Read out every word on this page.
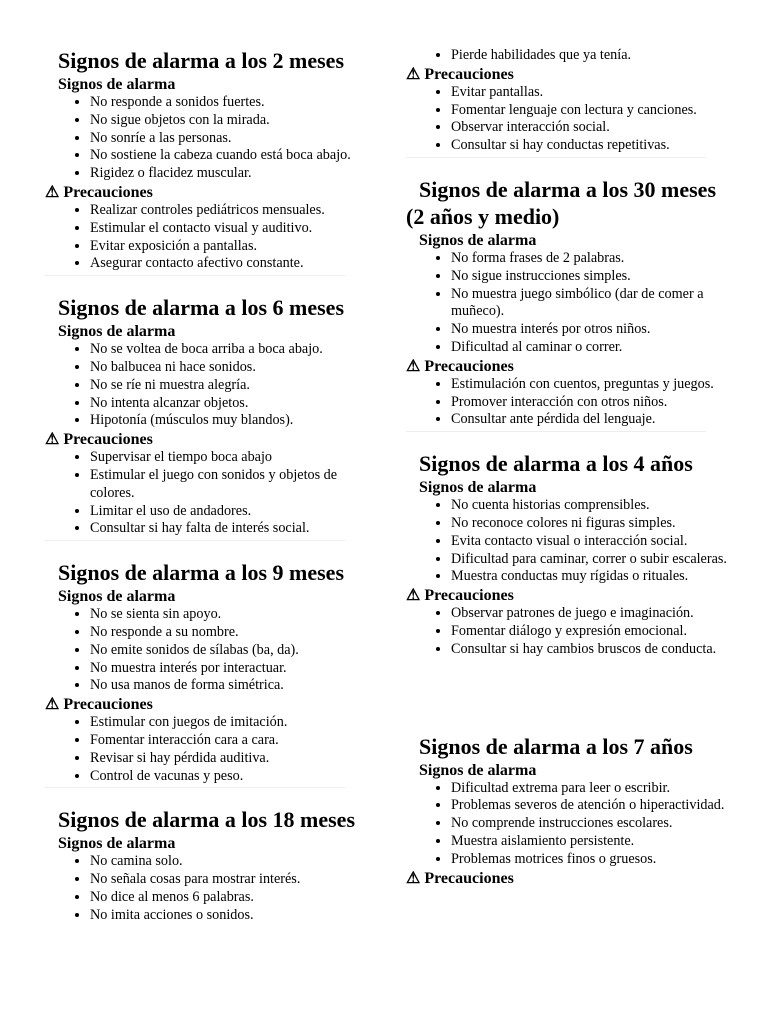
Signos de alarma a los 2 meses
Signos de alarma
• No responde a sonidos fuertes.
• No sigue objetos con la mirada.
• No sonríe a las personas.
• No sostiene la cabeza cuando está boca abajo.
• Rigidez o flacidez muscular.
⚠ Precauciones
• Realizar controles pediátricos mensuales.
• Estimular el contacto visual y auditivo.
• Evitar exposición a pantallas.
• Asegurar contacto afectivo constante.
Signos de alarma a los 6 meses
Signos de alarma
• No se voltea de boca arriba a boca abajo.
• No balbucea ni hace sonidos.
• No se ríe ni muestra alegría.
• No intenta alcanzar objetos.
• Hipotonía (músculos muy blandos).
⚠ Precauciones
• Supervisar el tiempo boca abajo
• Estimular el juego con sonidos y objetos de colores.
• Limitar el uso de andadores.
• Consultar si hay falta de interés social.
Signos de alarma a los 9 meses
Signos de alarma
• No se sienta sin apoyo.
• No responde a su nombre.
• No emite sonidos de sílabas (ba, da).
• No muestra interés por interactuar.
• No usa manos de forma simétrica.
⚠ Precauciones
• Estimular con juegos de imitación.
• Fomentar interacción cara a cara.
• Revisar si hay pérdida auditiva.
• Control de vacunas y peso.
Signos de alarma a los 18 meses
Signos de alarma
• No camina solo.
• No señala cosas para mostrar interés.
• No dice al menos 6 palabras.
• No imita acciones o sonidos.
• Pierde habilidades que ya tenía.
⚠ Precauciones
• Evitar pantallas.
• Fomentar lenguaje con lectura y canciones.
• Observar interacción social.
• Consultar si hay conductas repetitivas.
Signos de alarma a los 30 meses (2 años y medio)
Signos de alarma
• No forma frases de 2 palabras.
• No sigue instrucciones simples.
• No muestra juego simbólico (dar de comer a muñeco).
• No muestra interés por otros niños.
• Dificultad al caminar o correr.
⚠ Precauciones
• Estimulación con cuentos, preguntas y juegos.
• Promover interacción con otros niños.
• Consultar ante pérdida del lenguaje.
Signos de alarma a los 4 años
Signos de alarma
• No cuenta historias comprensibles.
• No reconoce colores ni figuras simples.
• Evita contacto visual o interacción social.
• Dificultad para caminar, correr o subir escaleras.
• Muestra conductas muy rígidas o rituales.
⚠ Precauciones
• Observar patrones de juego e imaginación.
• Fomentar diálogo y expresión emocional.
• Consultar si hay cambios bruscos de conducta.
Signos de alarma a los 7 años
Signos de alarma
• Dificultad extrema para leer o escribir.
• Problemas severos de atención o hiperactividad.
• No comprende instrucciones escolares.
• Muestra aislamiento persistente.
• Problemas motrices finos o gruesos.
⚠ Precauciones
